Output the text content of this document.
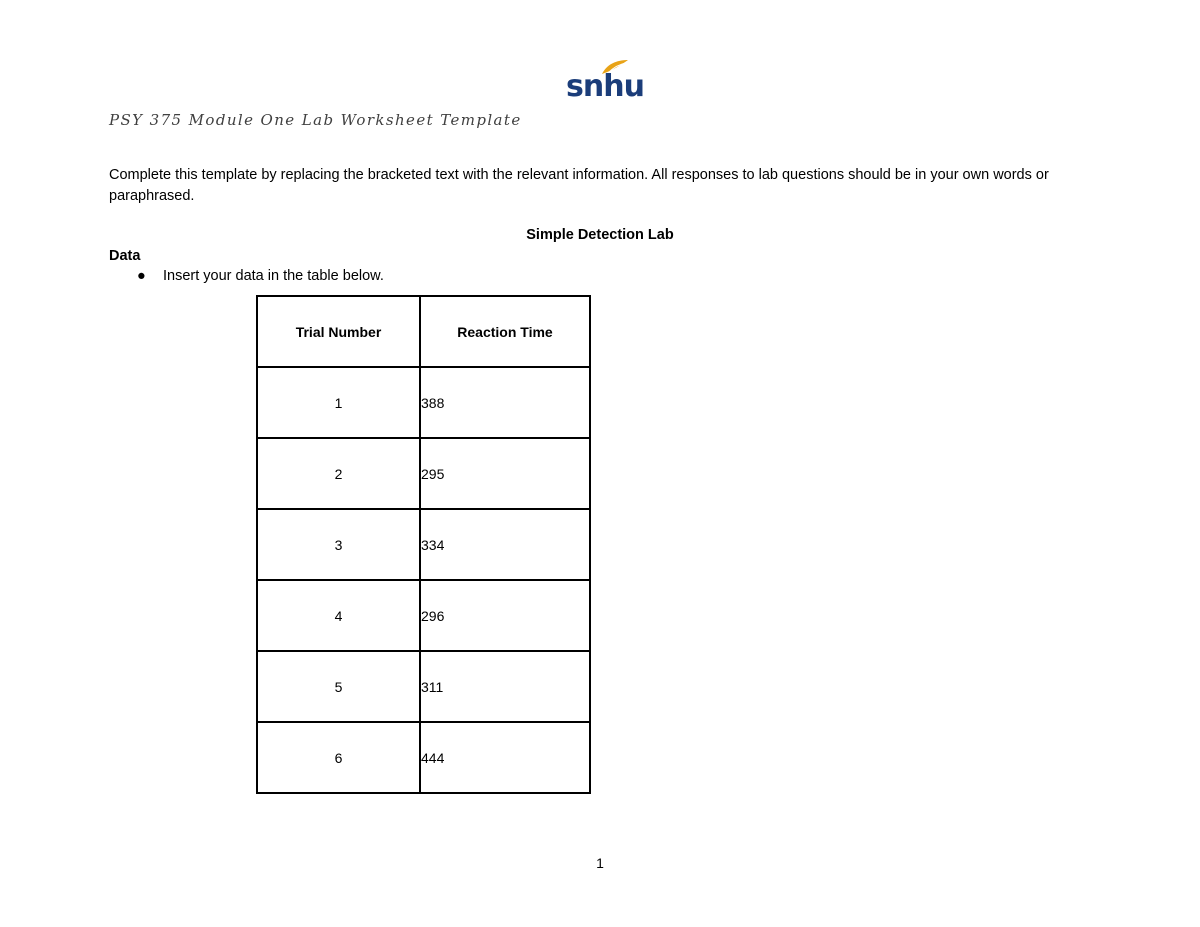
snhu
PSY 375 Module One Lab Worksheet Template
Complete this template by replacing the bracketed text with the relevant information. All responses to lab questions should be in your own words or paraphrased.
Simple Detection Lab
Data
● Insert your data in the table below.
Trial Number	Reaction Time
1	388
2	295
3	334
4	296
5	311
6	444
1
